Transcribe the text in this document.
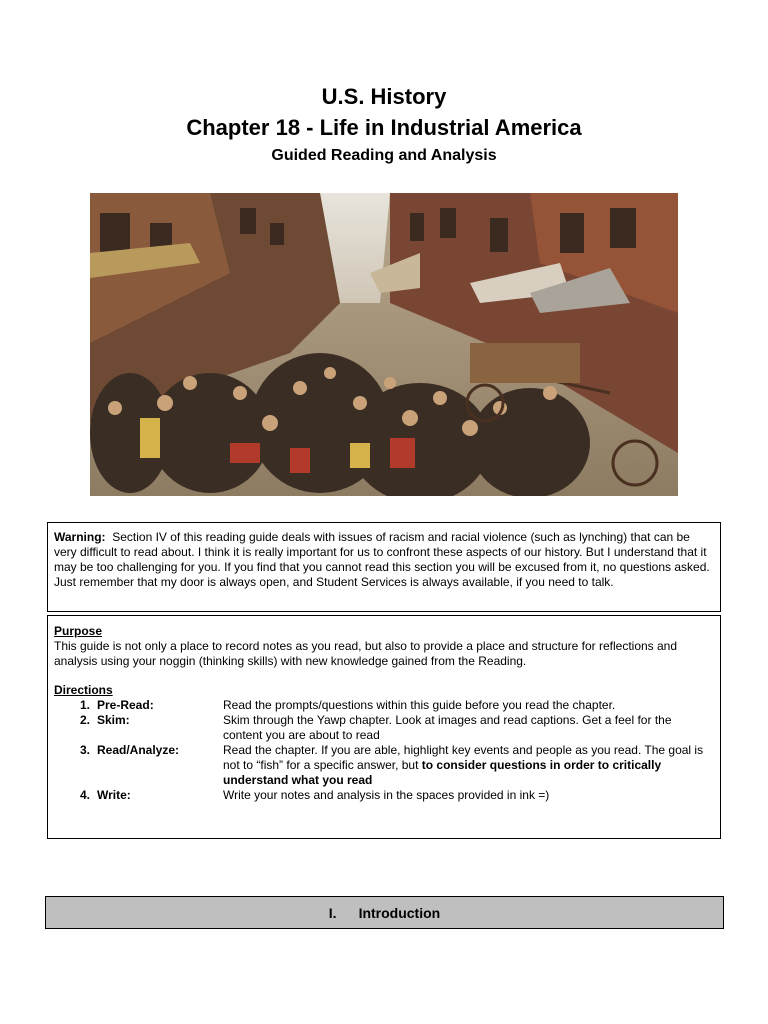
U.S. History
Chapter 18 - Life in Industrial America
Guided Reading and Analysis
Warning: Section IV of this reading guide deals with issues of racism and racial violence (such as lynching) that can be very difficult to read about. I think it is really important for us to confront these aspects of our history. But I understand that it may be too challenging for you. If you find that you cannot read this section you will be excused from it, no questions asked. Just remember that my door is always open, and Student Services is always available, if you need to talk.
Purpose
This guide is not only a place to record notes as you read, but also to provide a place and structure for reflections and analysis using your noggin (thinking skills) with new knowledge gained from the Reading.
Directions
1. Pre-Read:	Read the prompts/questions within this guide before you read the chapter.
2. Skim:	Skim through the Yawp chapter. Look at images and read captions. Get a feel for the content you are about to read
3. Read/Analyze:	Read the chapter. If you are able, highlight key events and people as you read. The goal is not to “fish” for a specific answer, but to consider questions in order to critically understand what you read
4. Write:	Write your notes and analysis in the spaces provided in ink =)
I. Introduction
